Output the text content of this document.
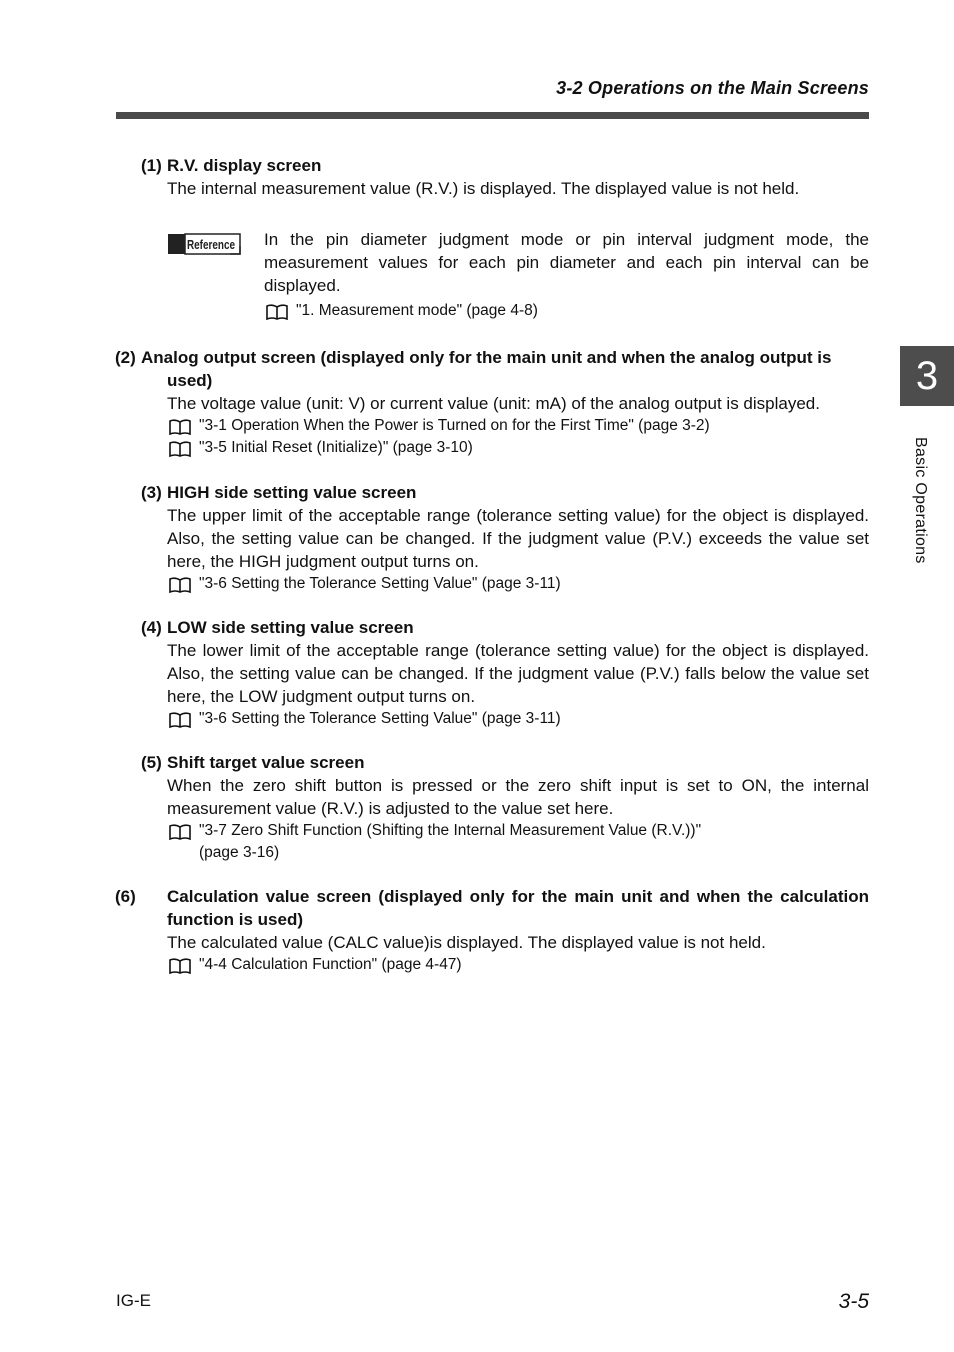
3-2 Operations on the Main Screens
3
Basic Operations

(1) R.V. display screen

The internal measurement value (R.V.) is displayed. The displayed value is not held.

Reference In the pin diameter judgment mode or pin interval judgment mode, the measurement values for each pin diameter and each pin interval can be displayed.

"1. Measurement mode" (page 4-8)

(2) Analog output screen (displayed only for the main unit and when the analog output is used)

The voltage value (unit: V) or current value (unit: mA) of the analog output is displayed.

"3-1 Operation When the Power is Turned on for the First Time" (page 3-2)
"3-5 Initial Reset (Initialize)" (page 3-10)

(3) HIGH side setting value screen

The upper limit of the acceptable range (tolerance setting value) for the object is displayed. Also, the setting value can be changed. If the judgment value (P.V.) exceeds the value set here, the HIGH judgment output turns on.

"3-6 Setting the Tolerance Setting Value" (page 3-11)

(4) LOW side setting value screen

The lower limit of the acceptable range (tolerance setting value) for the object is displayed. Also, the setting value can be changed. If the judgment value (P.V.) falls below the value set here, the LOW judgment output turns on.

"3-6 Setting the Tolerance Setting Value" (page 3-11)

(5) Shift target value screen

When the zero shift button is pressed or the zero shift input is set to ON, the internal measurement value (R.V.) is adjusted to the value set here.

"3-7 Zero Shift Function (Shifting the Internal Measurement Value (R.V.))"
(page 3-16)

(6) Calculation value screen (displayed only for the main unit and when the calculation function is used)

The calculated value (CALC value)is displayed. The displayed value is not held.

"4-4 Calculation Function" (page 4-47)
IG-E	3-5
